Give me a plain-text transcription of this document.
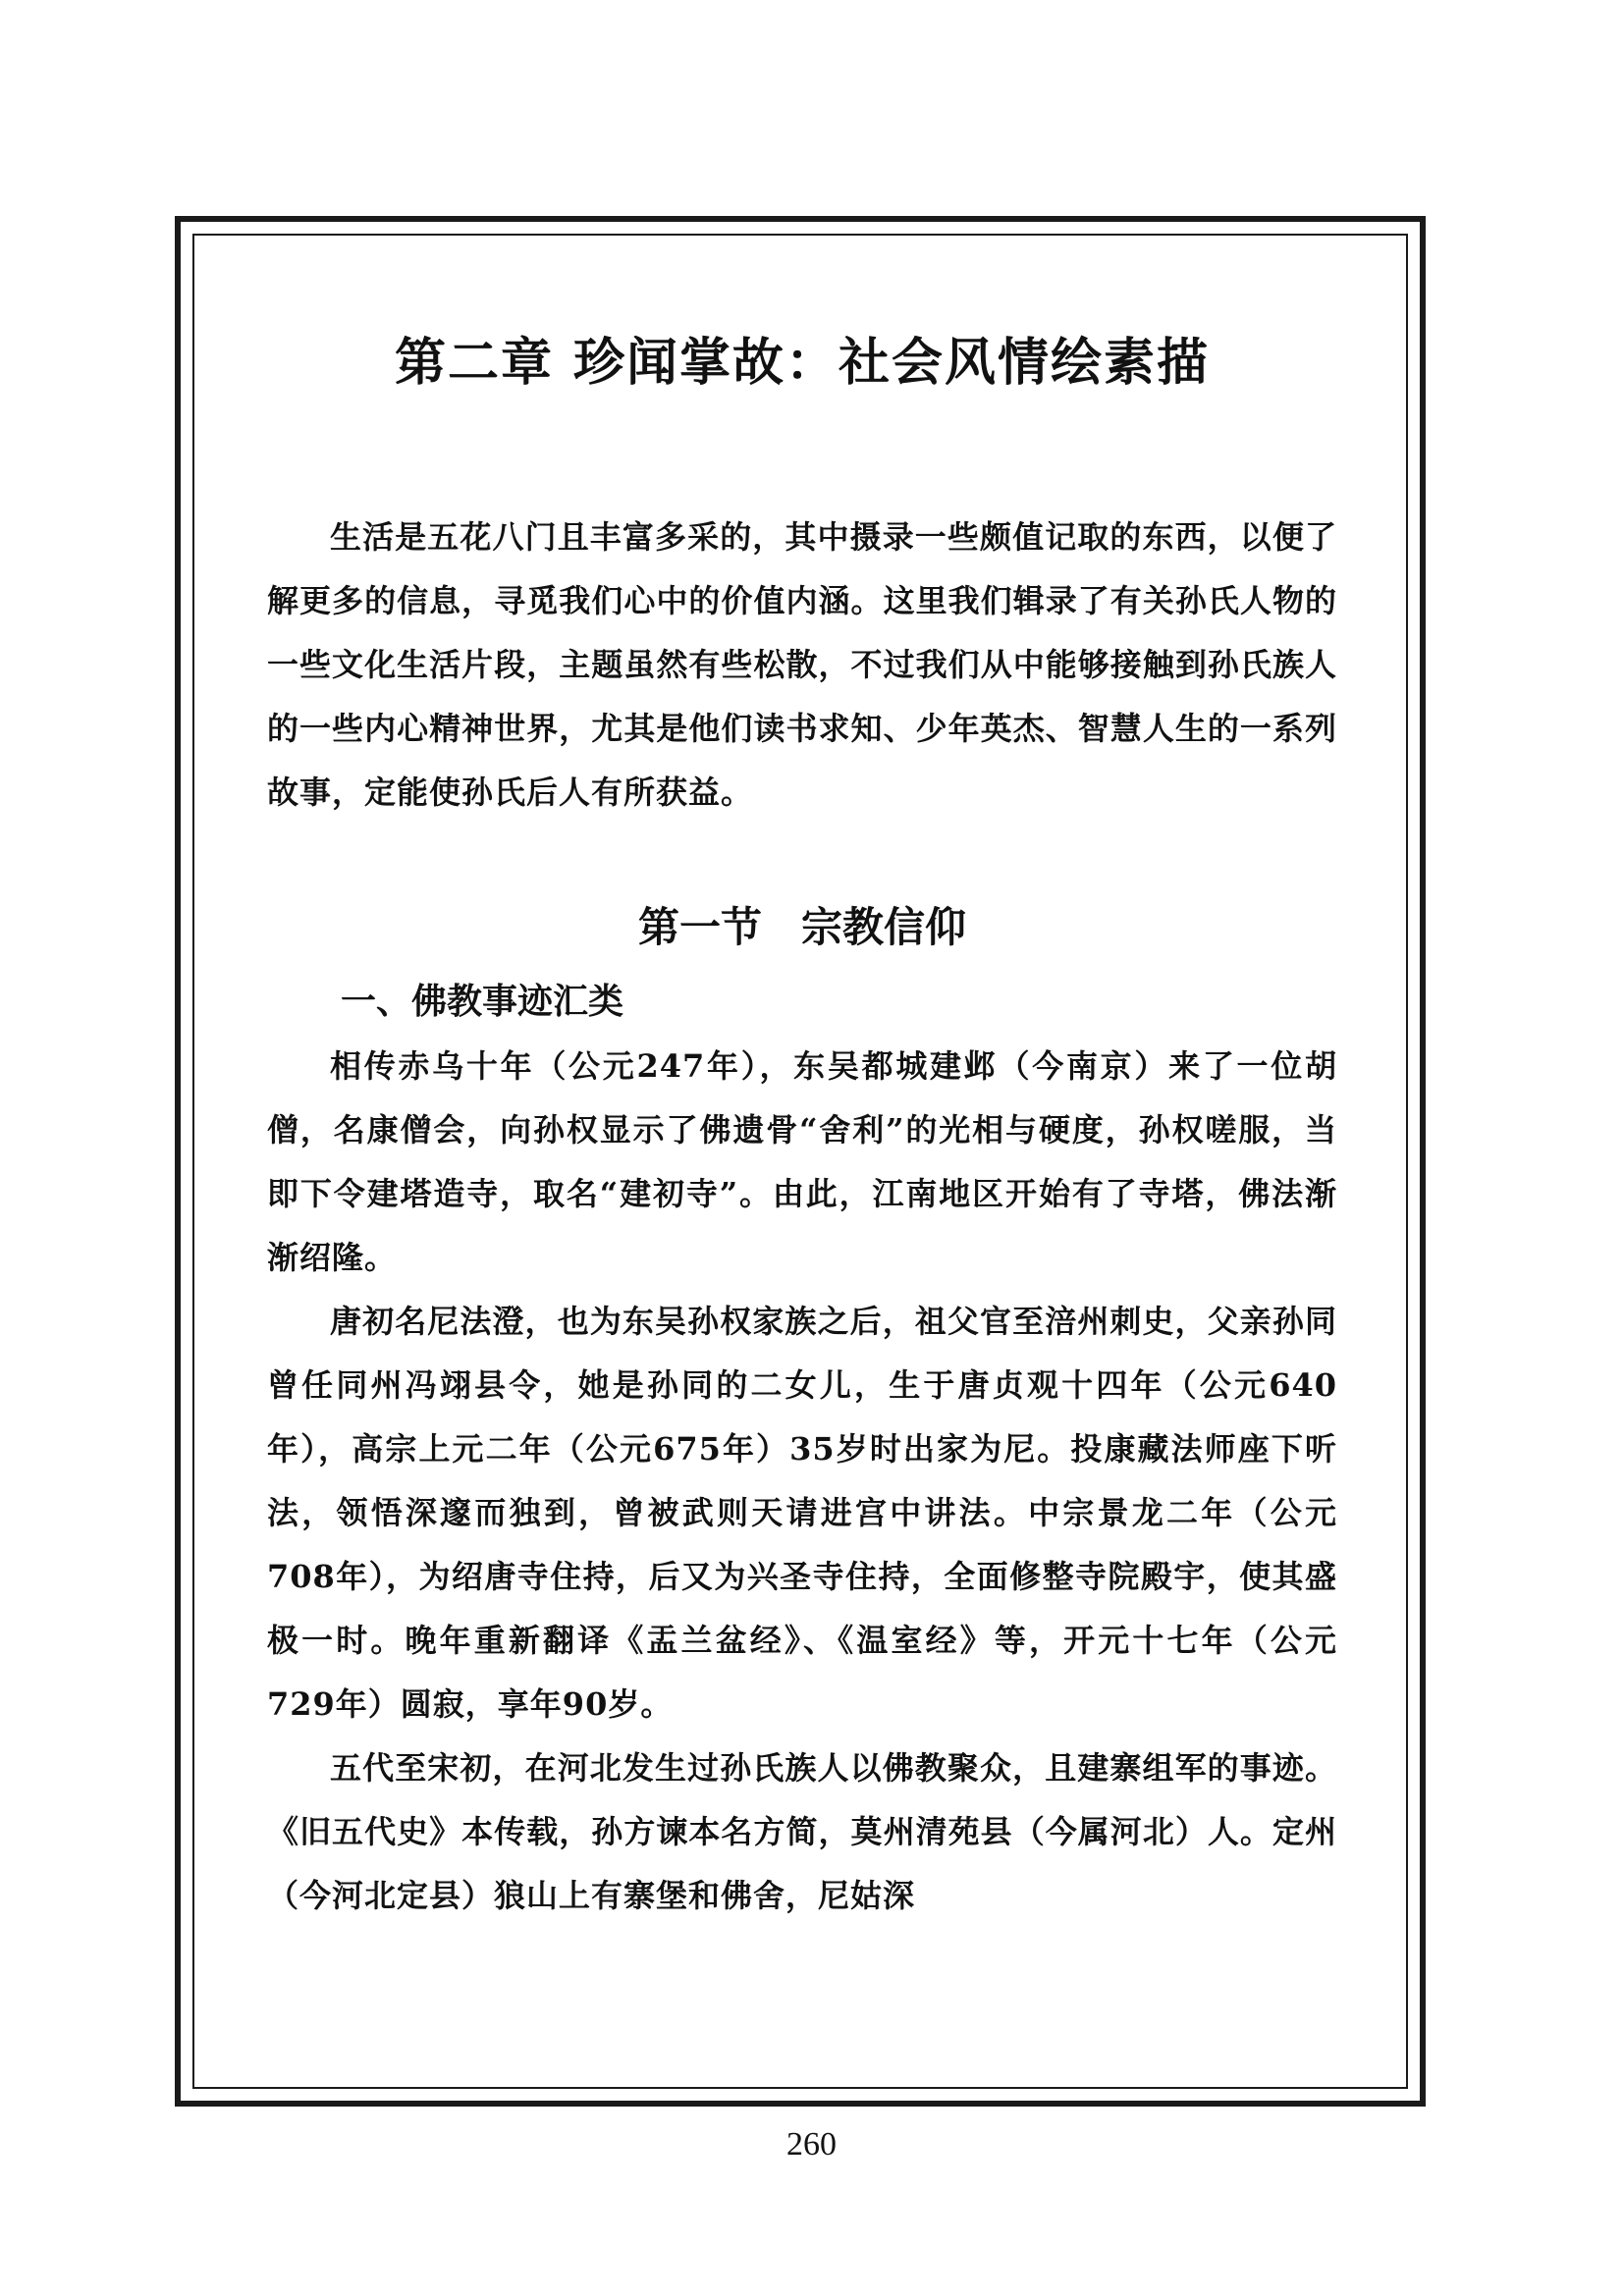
第二章 珍闻掌故：社会风情绘素描

生活是五花八门且丰富多采的，其中摄录一些颇值记取的东西，以便了解更多的信息，寻觅我们心中的价值内涵。这里我们辑录了有关孙氏人物的一些文化生活片段，主题虽然有些松散，不过我们从中能够接触到孙氏族人的一些内心精神世界，尤其是他们读书求知、少年英杰、智慧人生的一系列故事，定能使孙氏后人有所获益。

第一节 宗教信仰
一、佛教事迹汇类

相传赤乌十年（公元247年），东吴都城建邺（今南京）来了一位胡僧，名康僧会，向孙权显示了佛遗骨“舍利”的光相与硬度，孙权嗟服，当即下令建塔造寺，取名“建初寺”。由此，江南地区开始有了寺塔，佛法渐渐绍隆。

唐初名尼法澄，也为东吴孙权家族之后，祖父官至涪州刺史，父亲孙同曾任同州冯翊县令，她是孙同的二女儿，生于唐贞观十四年（公元640年），高宗上元二年（公元675年）35岁时出家为尼。投康藏法师座下听法，领悟深邃而独到，曾被武则天请进宫中讲法。中宗景龙二年（公元708年），为绍唐寺住持，后又为兴圣寺住持，全面修整寺院殿宇，使其盛极一时。晚年重新翻译《盂兰盆经》、《温室经》等，开元十七年（公元729年）圆寂，享年90岁。

五代至宋初，在河北发生过孙氏族人以佛教聚众，且建寨组军的事迹。《旧五代史》本传载，孙方谏本名方简，莫州清苑县（今属河北）人。定州（今河北定县）狼山上有寨堡和佛舍，尼姑深

260
